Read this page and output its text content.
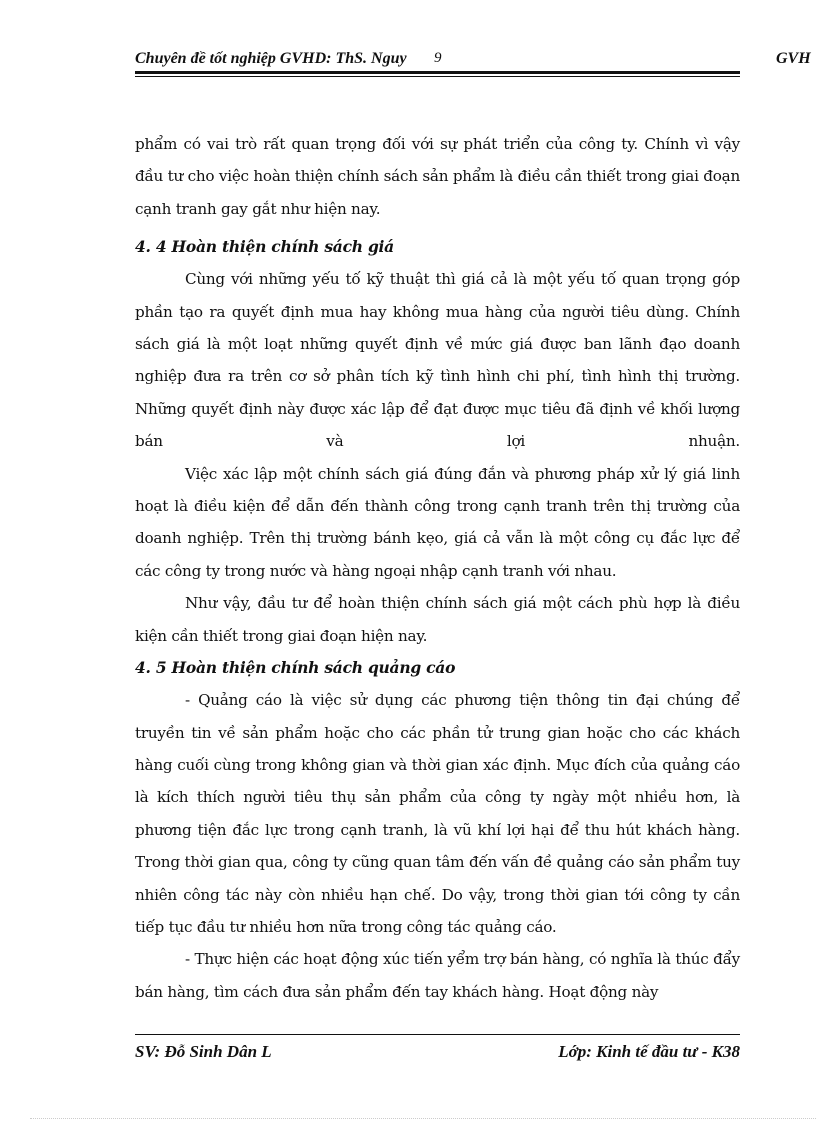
Chuyên đề tốt nghiệp GVHD: ThS. Nguy 9	GVH

phẩm có vai trò rất quan trọng đối với sự phát triển của công ty. Chính vì vậy đầu tư cho việc hoàn thiện chính sách sản phẩm là điều cần thiết trong giai đoạn cạnh tranh gay gắt như hiện nay.

4. 4 Hoàn thiện chính sách giá

Cùng với những yếu tố kỹ thuật thì giá cả là một yếu tố quan trọng góp phần tạo ra quyết định mua hay không mua hàng của người tiêu dùng. Chính sách giá là một loạt những quyết định về mức giá được ban lãnh đạo doanh nghiệp đưa ra trên cơ sở phân tích kỹ tình hình chi phí, tình hình thị trường. Những quyết định này được xác lập để đạt được mục tiêu đã định về khối lượng bán và lợi nhuận.

Việc xác lập một chính sách giá đúng đắn và phương pháp xử lý giá linh hoạt là điều kiện để dẫn đến thành công trong cạnh tranh trên thị trường của doanh nghiệp. Trên thị trường bánh kẹo, giá cả vẫn là một công cụ đắc lực để các công ty trong nước và hàng ngoại nhập cạnh tranh với nhau.

Như vậy, đầu tư để hoàn thiện chính sách giá một cách phù hợp là điều kiện cần thiết trong giai đoạn hiện nay.

4. 5 Hoàn thiện chính sách quảng cáo

- Quảng cáo là việc sử dụng các phương tiện thông tin đại chúng để truyền tin về sản phẩm hoặc cho các phần tử trung gian hoặc cho các khách hàng cuối cùng trong không gian và thời gian xác định. Mục đích của quảng cáo là kích thích người tiêu thụ sản phẩm của công ty ngày một nhiều hơn, là phương tiện đắc lực trong cạnh tranh, là vũ khí lợi hại để thu hút khách hàng. Trong thời gian qua, công ty cũng quan tâm đến vấn đề quảng cáo sản phẩm tuy nhiên công tác này còn nhiều hạn chế. Do vậy, trong thời gian tới công ty cần tiếp tục đầu tư nhiều hơn nữa trong công tác quảng cáo.

- Thực hiện các hoạt động xúc tiến yểm trợ bán hàng, có nghĩa là thúc đẩy bán hàng, tìm cách đưa sản phẩm đến tay khách hàng. Hoạt động này

SV: Đỗ Sinh Dân L	Lớp: Kinh tế đầu tư - K38
